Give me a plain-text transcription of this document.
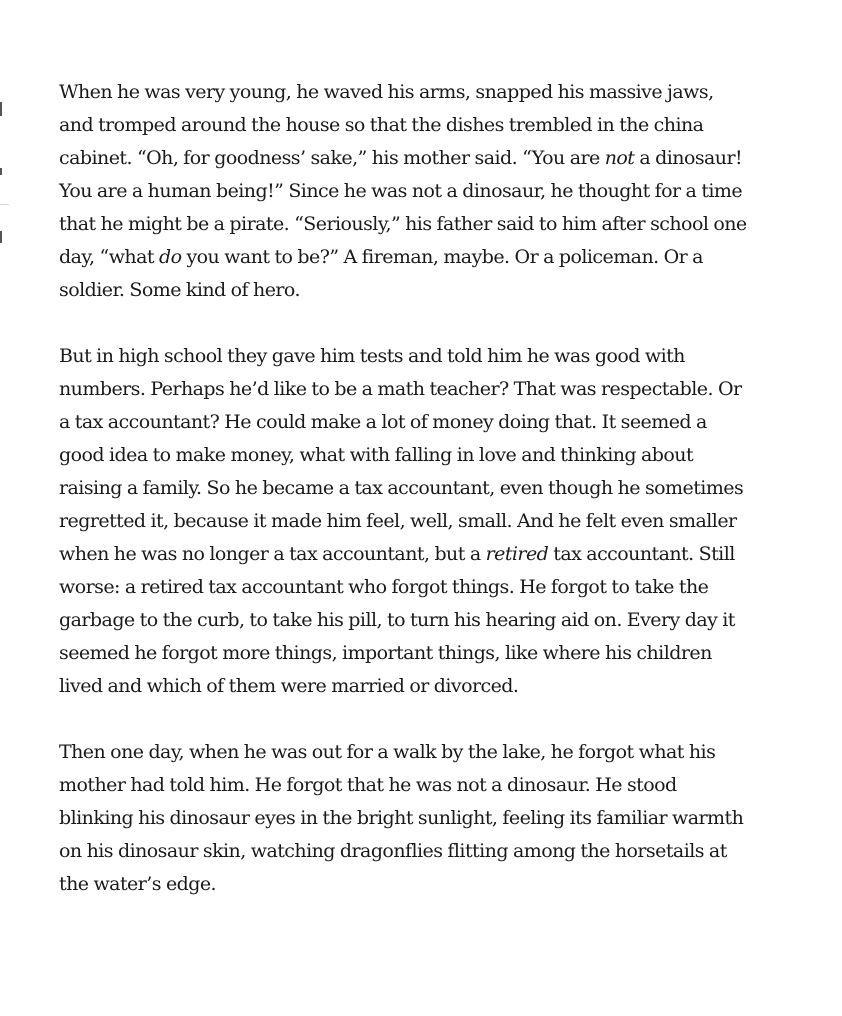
When he was very young, he waved his arms, snapped his massive jaws, and tromped around the house so that the dishes trembled in the china cabinet. “Oh, for goodness’ sake,” his mother said. “You are not a dinosaur! You are a human being!” Since he was not a dinosaur, he thought for a time that he might be a pirate. “Seriously,” his father said to him after school one day, “what do you want to be?” A fireman, maybe. Or a policeman. Or a soldier. Some kind of hero.

But in high school they gave him tests and told him he was good with numbers. Perhaps he’d like to be a math teacher? That was respectable. Or a tax accountant? He could make a lot of money doing that. It seemed a good idea to make money, what with falling in love and thinking about raising a family. So he became a tax accountant, even though he sometimes regretted it, because it made him feel, well, small. And he felt even smaller when he was no longer a tax accountant, but a retired tax accountant. Still worse: a retired tax accountant who forgot things. He forgot to take the garbage to the curb, to take his pill, to turn his hearing aid on. Every day it seemed he forgot more things, important things, like where his children lived and which of them were married or divorced.

Then one day, when he was out for a walk by the lake, he forgot what his mother had told him. He forgot that he was not a dinosaur. He stood blinking his dinosaur eyes in the bright sunlight, feeling its familiar warmth on his dinosaur skin, watching dragonflies flitting among the horsetails at the water’s edge.
